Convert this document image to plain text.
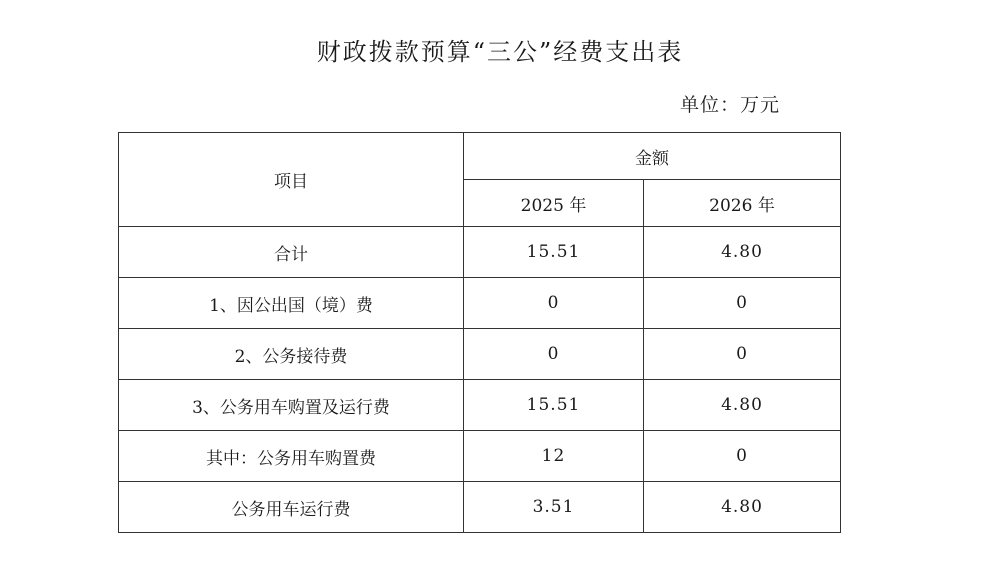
财政拨款预算“三公”经费支出表
单位：万元
项目	金额	
	2025 年	2026 年
合计	15.51	4.80
1、因公出国（境）费	0	0
2、公务接待费	0	0
3、公务用车购置及运行费	15.51	4.80
其中：公务用车购置费	12	0
公务用车运行费	3.51	4.80
